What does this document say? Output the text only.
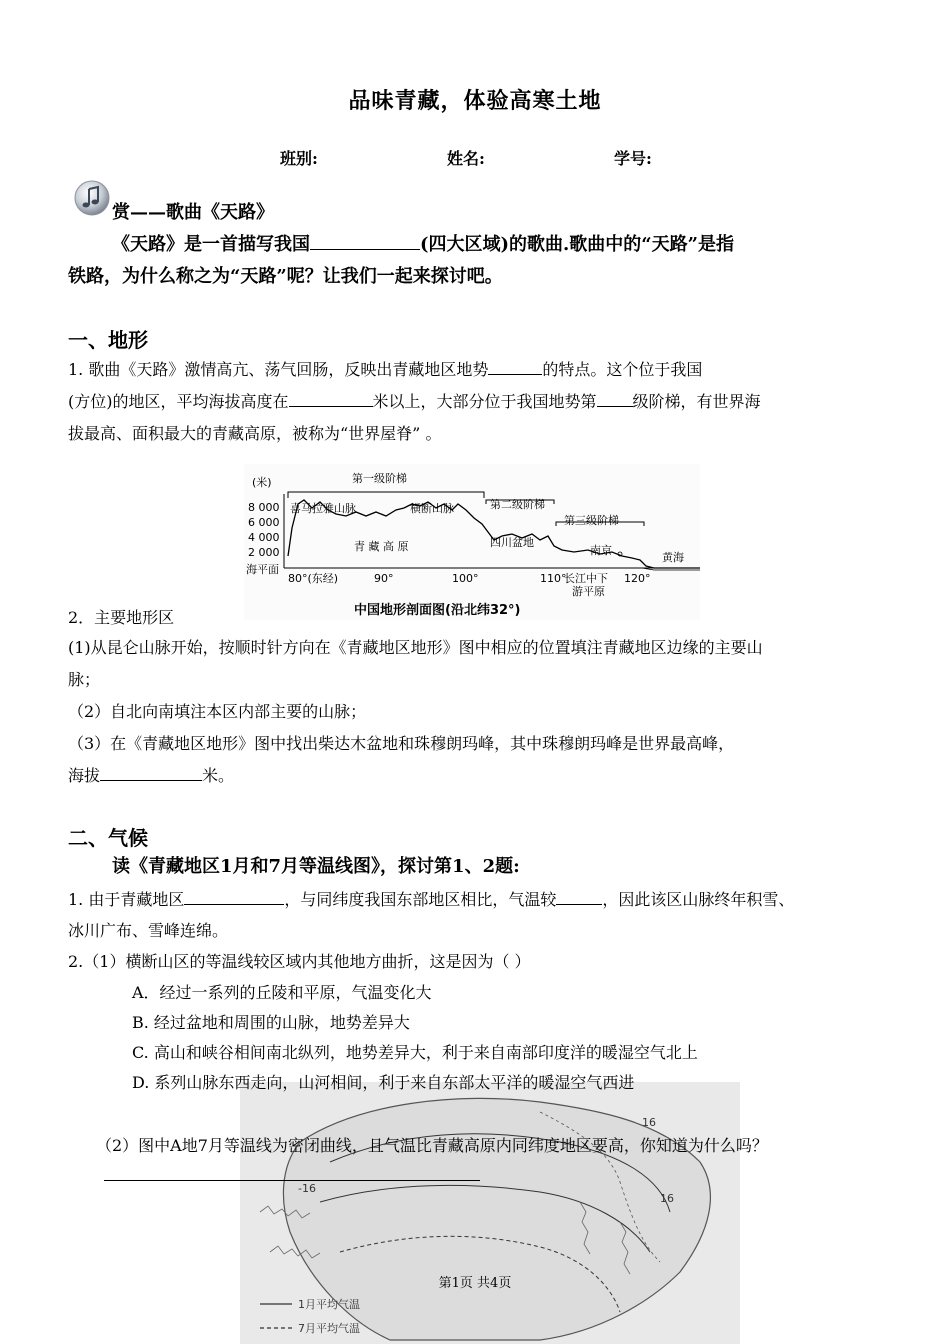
品味青藏，体验高寒土地
班别:	姓名:	学号:
赏——歌曲《天路》
《天路》是一首描写我国	(四大区域)的歌曲.歌曲中的“天路”是指
铁路，为什么称之为“天路”呢？让我们一起来探讨吧。
一、地形
1. 歌曲《天路》激情高亢、荡气回肠，反映出青藏地区地势	的特点。这个位于我国
(方位)的地区，平均海拔高度在	米以上，大部分位于我国地势第 级阶梯，有世界海
拔最高、面积最大的青藏高原，被称为“世界屋脊” 。
(米)
8 000
6 000
4 000
2 000
海平面
第一级阶梯
第二级阶梯
第三级阶梯
喜马拉雅山脉	横断山脉
青 藏 高 原	四川盆地
南京
黄海
80°(东经)	90°	100°	110°
长江中下
游平原
120°
中国地形剖面图(沿北纬32°)
2．主要地形区
(1)从昆仑山脉开始，按顺时针方向在《青藏地区地形》图中相应的位置填注青藏地区边缘的主要山
脉；
（2）自北向南填注本区内部主要的山脉；
（3）在《青藏地区地形》图中找出柴达木盆地和珠穆朗玛峰，其中珠穆朗玛峰是世界最高峰，
海拔	米。
二、气候
16
-16
16
1月平均气温
7月平均气温
读《青藏地区1月和7月等温线图》，探讨第1、2题:
1. 由于青藏地区	，与同纬度我国东部地区相比，气温较	，因此该区山脉终年积雪、
冰川广布、雪峰连绵。
2.（1）横断山区的等温线较区域内其他地方曲折，这是因为（ ）
A．经过一系列的丘陵和平原，气温变化大
B. 经过盆地和周围的山脉，地势差异大
C. 高山和峡谷相间南北纵列，地势差异大，利于来自南部印度洋的暖湿空气北上
D. 系列山脉东西走向，山河相间，利于来自东部太平洋的暖湿空气西进
（2）图中A地7月等温线为密闭曲线，且气温比青藏高原内同纬度地区要高，你知道为什么吗？
第1页 共4页
